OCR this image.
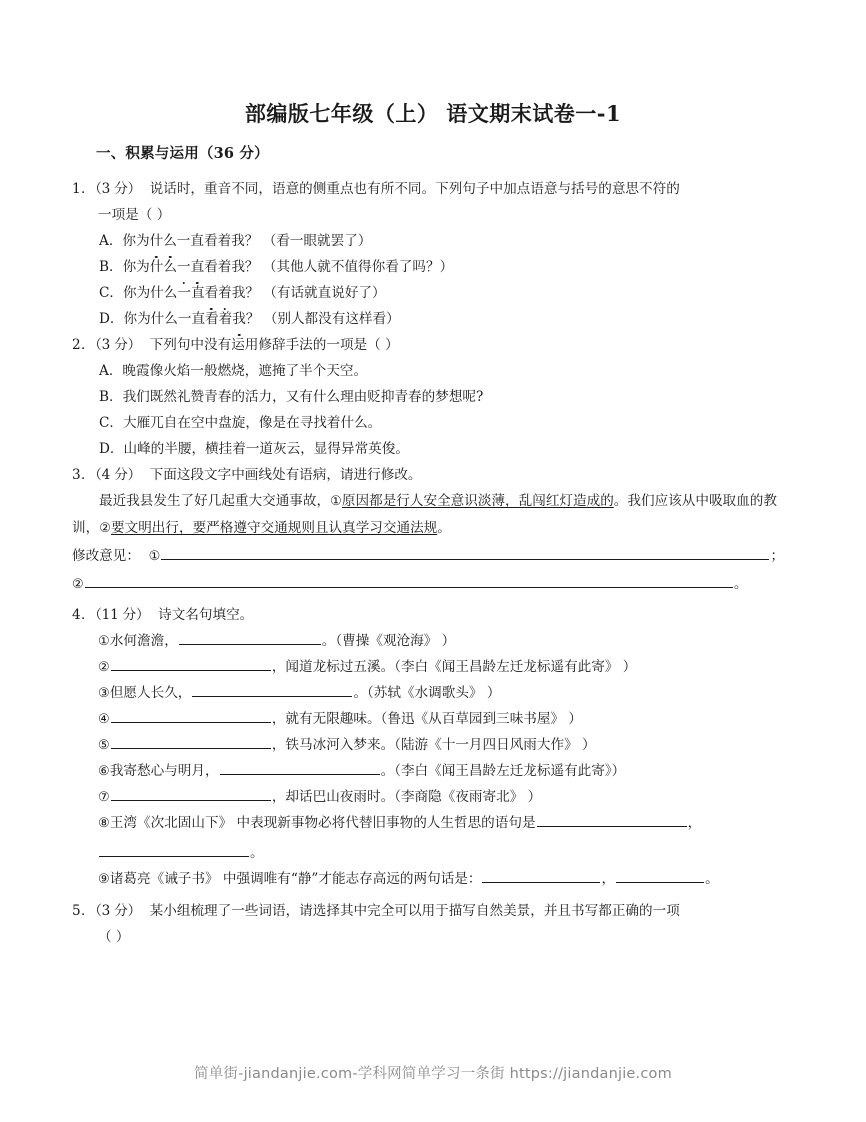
部编版七年级（上） 语文期末试卷一-1
一、积累与运用（36 分）
1．（3 分） 说话时，重音不同，语意的侧重点也有所不同。下列句子中加点语意与括号的意思不符的
一项是（ ）
A．你为什么一直看着我？ （看一眼就罢了）
B．你为什么一直看着我？ （其他人就不值得你看了吗？）
C．你为什么一直看着我？ （有话就直说好了）
D．你为什么一直看着我？ （别人都没有这样看）
2．（3 分） 下列句中没有运用修辞手法的一项是（ ）
A．晚霞像火焰一般燃烧，遮掩了半个天空。
B．我们既然礼赞青春的活力，又有什么理由贬抑青春的梦想呢?
C．大雁兀自在空中盘旋，像是在寻找着什么。
D．山峰的半腰，横挂着一道灰云，显得异常英俊。
3．（4 分） 下面这段文字中画线处有语病，请进行修改。
最近我县发生了好几起重大交通事故，①原因都是行人安全意识淡薄，乱闯红灯造成的。我们应该从中吸取血的教训，②要文明出行，要严格遵守交通规则且认真学习交通法规。
修改意见： ①	；
②	。
4．（11 分） 诗文名句填空。
①水何澹澹，	。（曹操《观沧海》 ）
②	，闻道龙标过五溪。（李白《闻王昌龄左迁龙标遥有此寄》 ）
③但愿人长久，	。（苏轼《水调歌头》 ）
④	，就有无限趣味。（鲁迅《从百草园到三味书屋》 ）
⑤	，铁马冰河入梦来。（陆游《十一月四日风雨大作》 ）
⑥我寄愁心与明月，	。（李白《闻王昌龄左迁龙标遥有此寄》）
⑦	，却话巴山夜雨时。（李商隐《夜雨寄北》 ）
⑧王湾《次北固山下》 中表现新事物必将代替旧事物的人生哲思的语句是	，
。
⑨诸葛亮《诫子书》 中强调唯有“静”才能志存高远的两句话是：	，	。
5．（3 分） 某小组梳理了一些词语，请选择其中完全可以用于描写自然美景，并且书写都正确的一项
（ ）
简单街-jiandanjie.com-学科网简单学习一条街 https://jiandanjie.com
